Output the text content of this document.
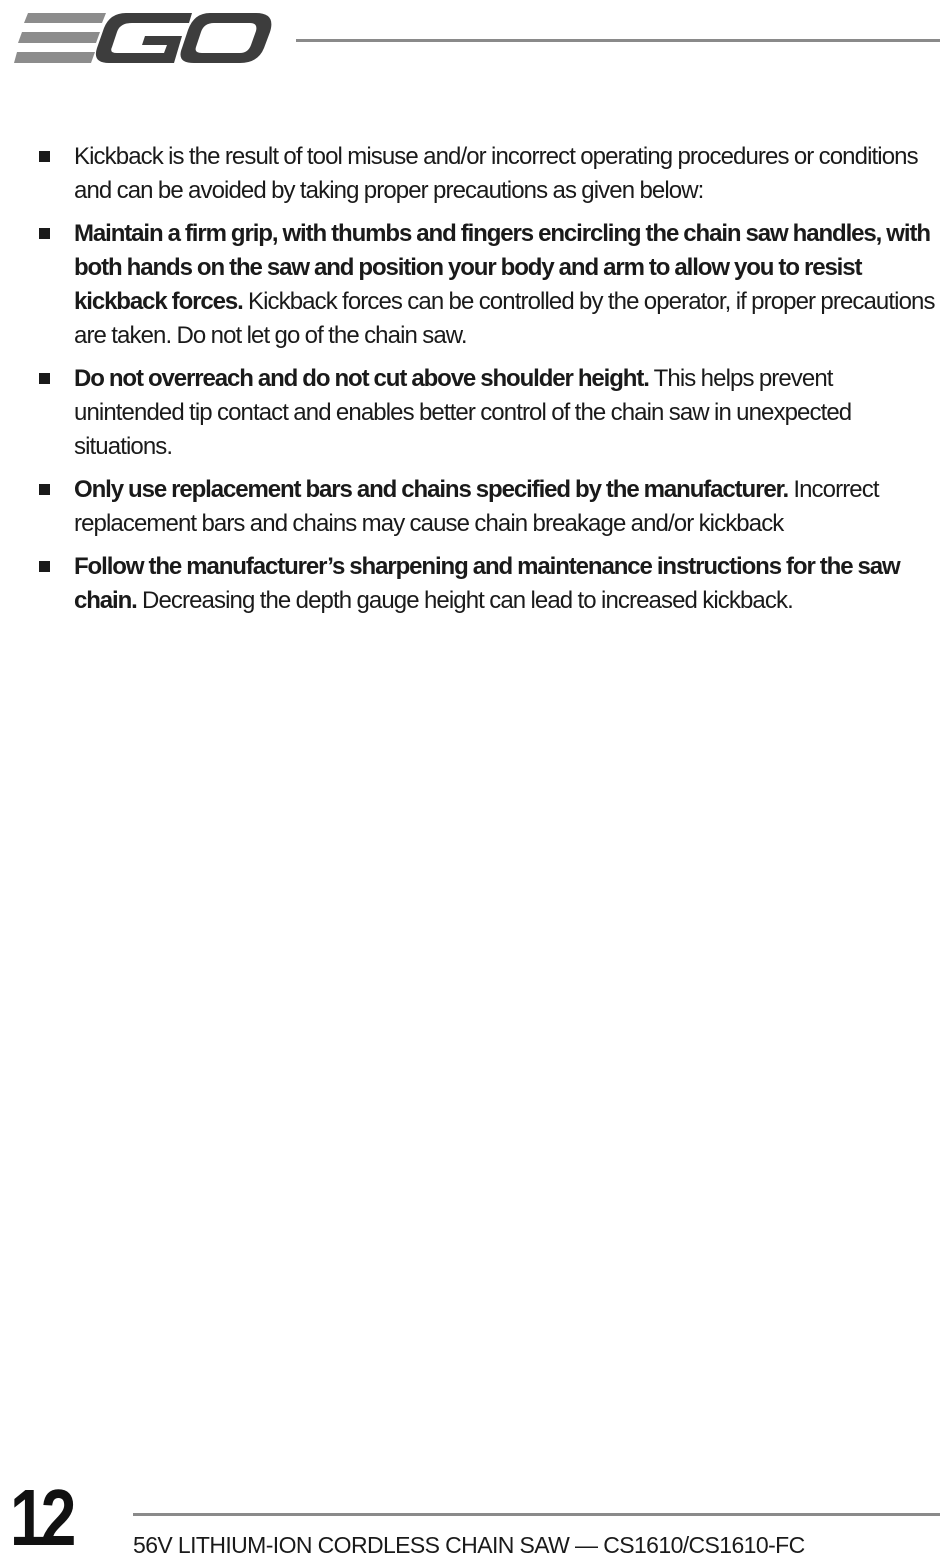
Kickback is the result of tool misuse and/or incorrect operating procedures or conditions and can be avoided by taking proper precautions as given below:
Maintain a firm grip, with thumbs and fingers encircling the chain saw handles, with both hands on the saw and position your body and arm to allow you to resist kickback forces. Kickback forces can be controlled by the operator, if proper precautions are taken. Do not let go of the chain saw.
Do not overreach and do not cut above shoulder height. This helps prevent unintended tip contact and enables better control of the chain saw in unexpected situations.
Only use replacement bars and chains specified by the manufacturer. Incorrect replacement bars and chains may cause chain breakage and/or kickback
Follow the manufacturer’s sharpening and maintenance instructions for the saw chain. Decreasing the depth gauge height can lead to increased kickback.
12	56V LITHIUM-ION CORDLESS CHAIN SAW — CS1610/CS1610-FC
